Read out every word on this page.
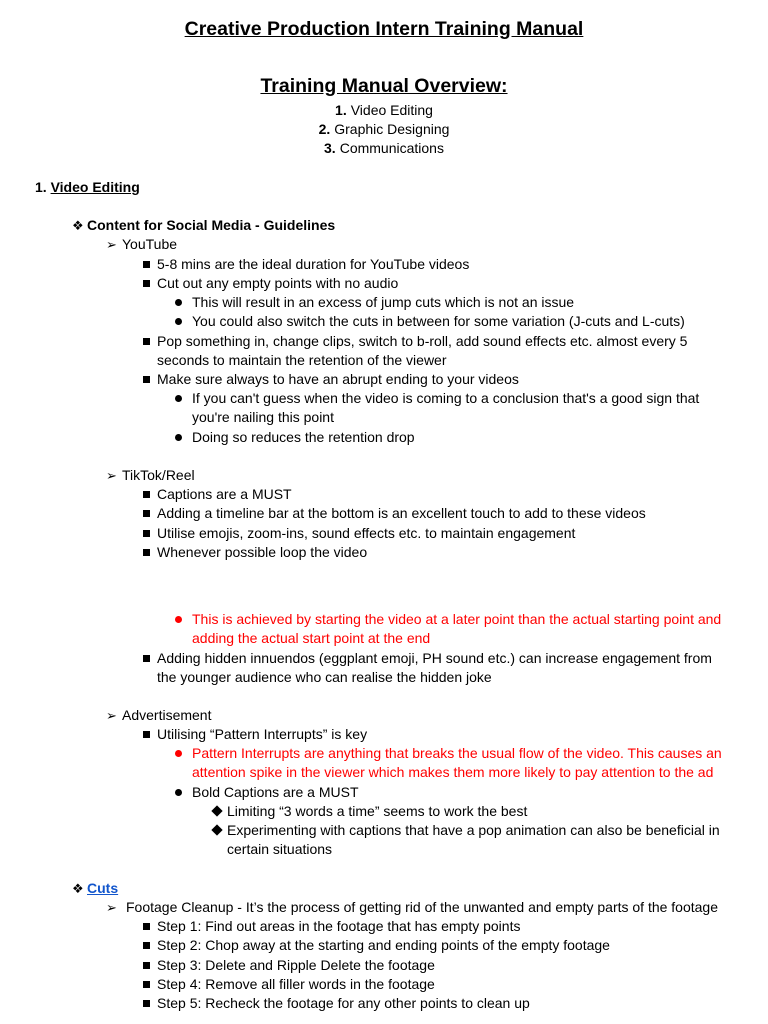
Creative Production Intern Training Manual
Training Manual Overview:
1. Video Editing
2. Graphic Designing
3. Communications
1. Video Editing
❖ Content for Social Media - Guidelines
➢ YouTube
5-8 mins are the ideal duration for YouTube videos
Cut out any empty points with no audio
This will result in an excess of jump cuts which is not an issue
You could also switch the cuts in between for some variation (J-cuts and L-cuts)
Pop something in, change clips, switch to b-roll, add sound effects etc. almost every 5
seconds to maintain the retention of the viewer
Make sure always to have an abrupt ending to your videos
If you can't guess when the video is coming to a conclusion that's a good sign that
you're nailing this point
Doing so reduces the retention drop
➢ TikTok/Reel
Captions are a MUST
Adding a timeline bar at the bottom is an excellent touch to add to these videos
Utilise emojis, zoom-ins, sound effects etc. to maintain engagement
Whenever possible loop the video
This is achieved by starting the video at a later point than the actual starting point and
adding the actual start point at the end
Adding hidden innuendos (eggplant emoji, PH sound etc.) can increase engagement from
the younger audience who can realise the hidden joke
➢ Advertisement
Utilising “Pattern Interrupts” is key
Pattern Interrupts are anything that breaks the usual flow of the video. This causes an
attention spike in the viewer which makes them more likely to pay attention to the ad
Bold Captions are a MUST
Limiting “3 words a time” seems to work the best
Experimenting with captions that have a pop animation can also be beneficial in
certain situations
❖ Cuts
➢ Footage Cleanup - It’s the process of getting rid of the unwanted and empty parts of the footage
Step 1: Find out areas in the footage that has empty points
Step 2: Chop away at the starting and ending points of the empty footage
Step 3: Delete and Ripple Delete the footage
Step 4: Remove all filler words in the footage
Step 5: Recheck the footage for any other points to clean up
